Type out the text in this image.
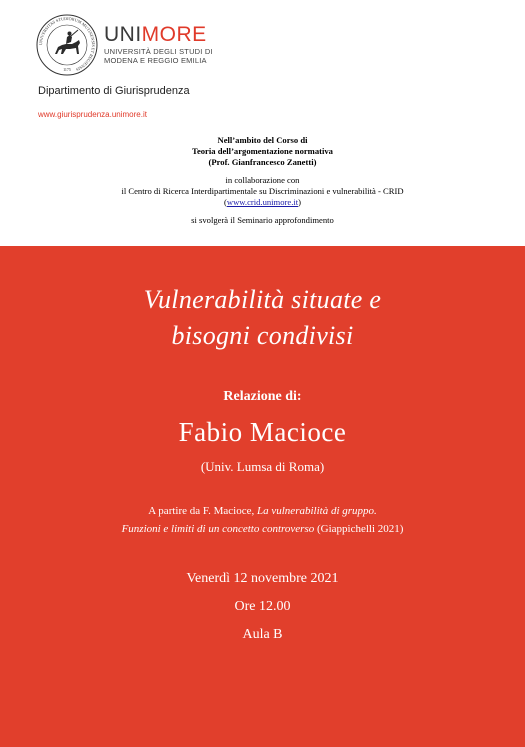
UNIVERSITAS STUDIORUM MUTINENSIS ET REGIENSIS
1175
UNIMORE
UNIVERSITÀ DEGLI STUDI DI
MODENA E REGGIO EMILIA
Dipartimento di Giurisprudenza
www.giurisprudenza.unimore.it
Nell’ambito del Corso di
Teoria dell’argomentazione normativa
(Prof. Gianfrancesco Zanetti)
in collaborazione con
il Centro di Ricerca Interdipartimentale su Discriminazioni e vulnerabilità - CRID
(www.crid.unimore.it)
si svolgerà il Seminario approfondimento
Vulnerabilità situate e
bisogni condivisi
Relazione di:
Fabio Macioce
(Univ. Lumsa di Roma)
A partire da F. Macioce, La vulnerabilità di gruppo.
Funzioni e limiti di un concetto controverso (Giappichelli 2021)
Venerdì 12 novembre 2021
Ore 12.00
Aula B
